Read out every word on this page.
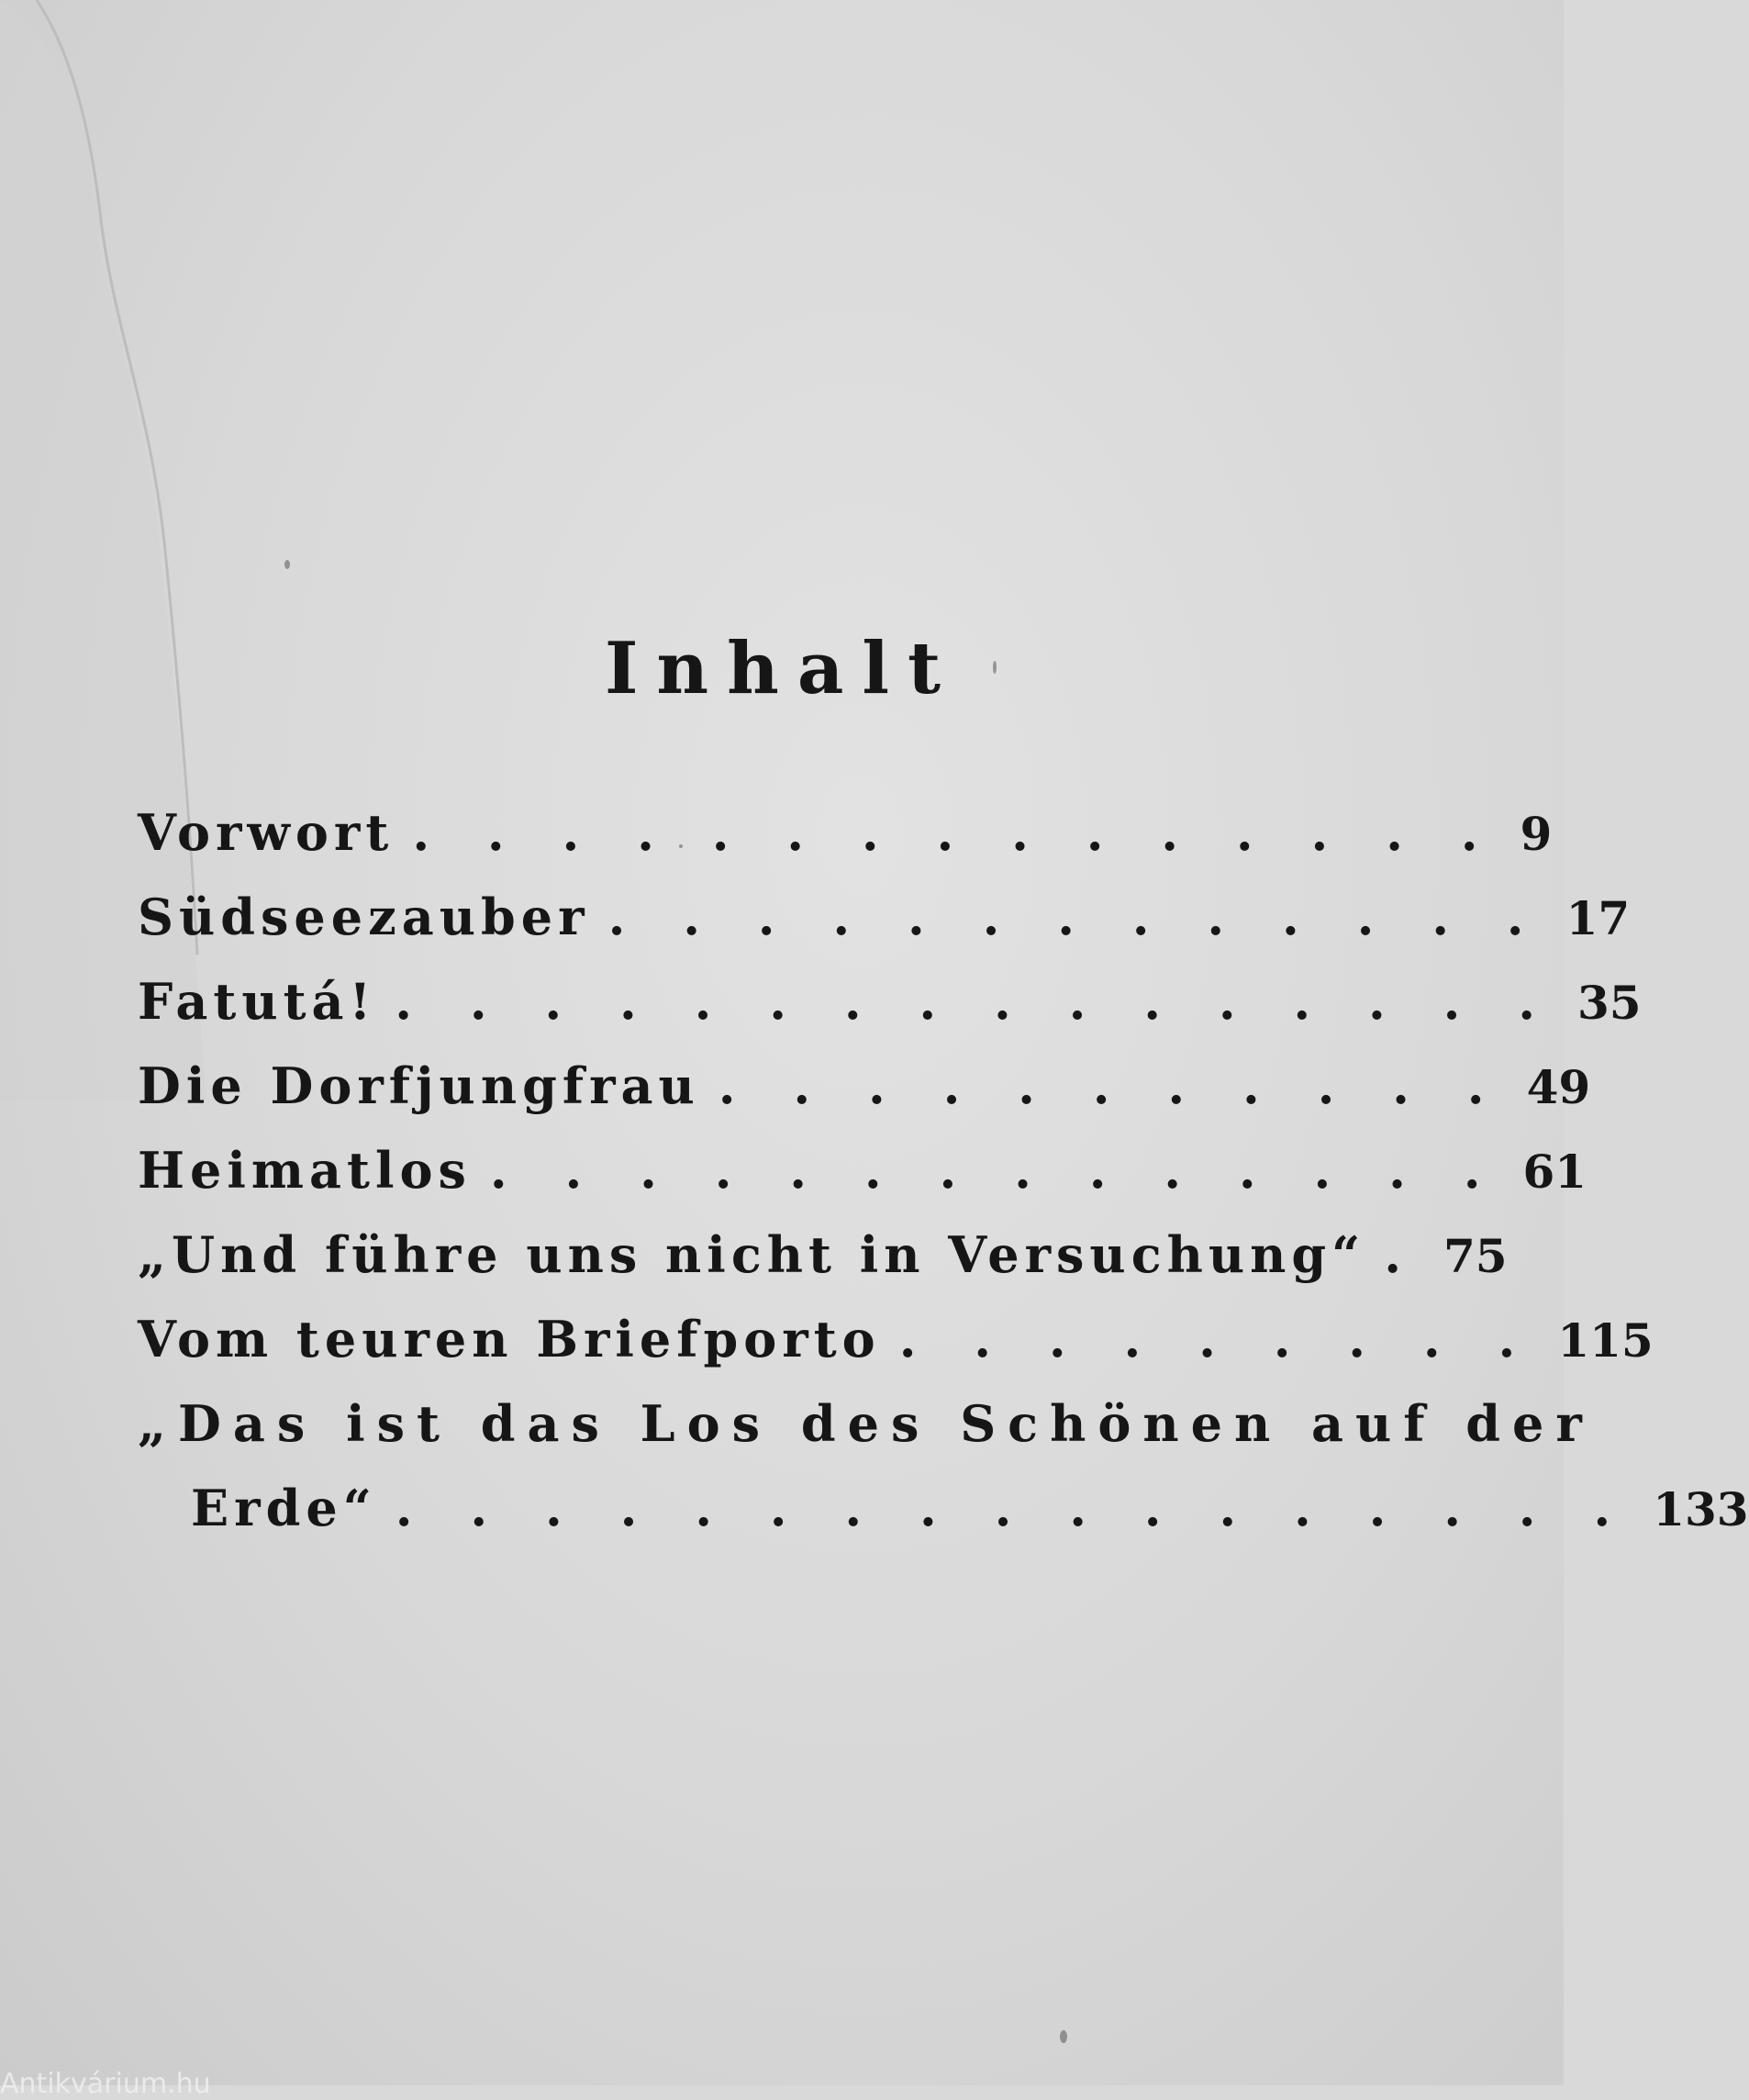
Inhalt
Vorwort . . . . . . . . . . . . . . . 9
Südseezauber . . . . . . . . . . . . . 17
Fatutá! . . . . . . . . . . . . . . . . 35
Die Dorfjungfrau . . . . . . . . . . . 49
Heimatlos . . . . . . . . . . . . . . 61
„Und führe uns nicht in Versuchung“ . 75
Vom teuren Briefporto . . . . . . . . . 115
„Das ist das Los des Schönen auf der
Erde“ . . . . . . . . . . . . . . . . . 133
Antikvárium.hu
